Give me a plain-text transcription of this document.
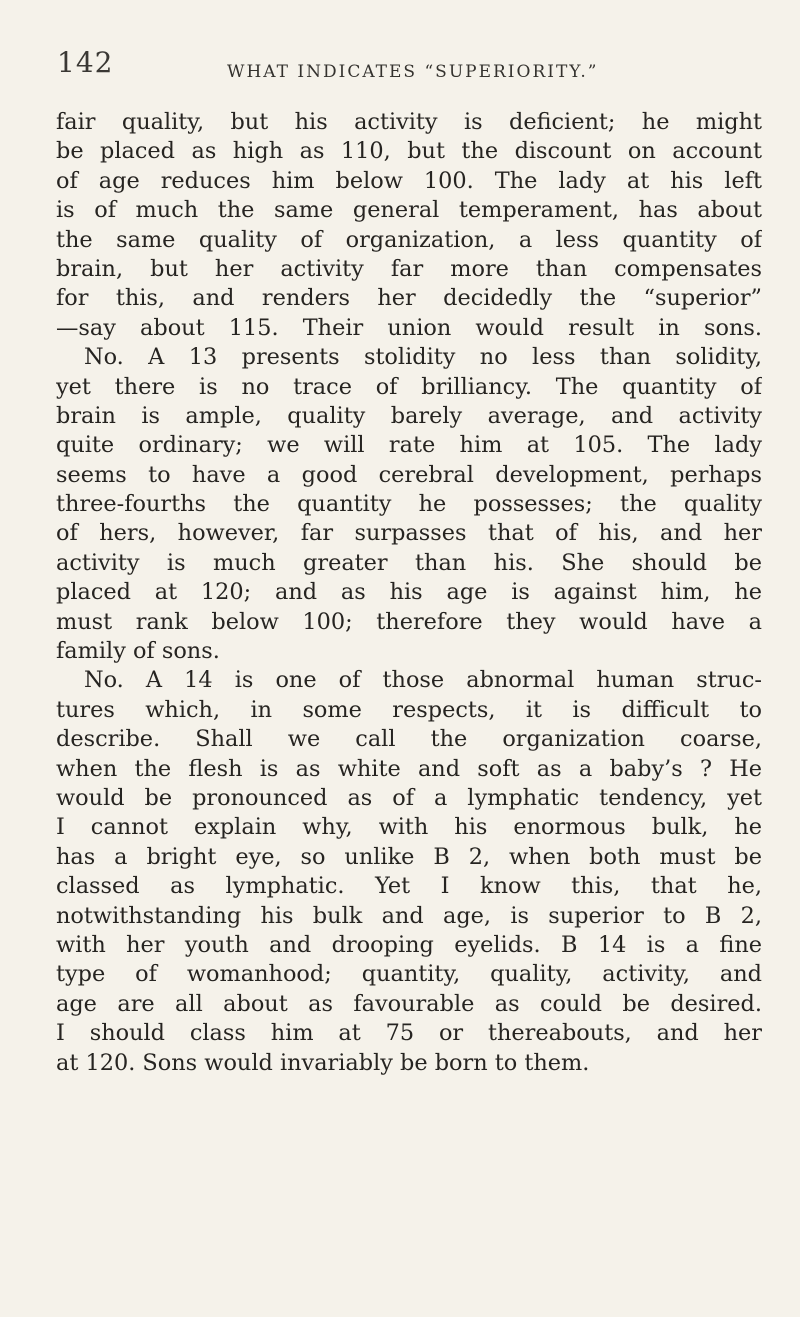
142	WHAT INDICATES “SUPERIORITY.”
fair quality, but his activity is deficient; he might
be placed as high as 110, but the discount on account
of age reduces him below 100. The lady at his left
is of much the same general temperament, has about
the same quality of organization, a less quantity of
brain, but her activity far more than compensates
for this, and renders her decidedly the “superior”
—say about 115. Their union would result in sons.
No. A 13 presents stolidity no less than solidity,
yet there is no trace of brilliancy. The quantity of
brain is ample, quality barely average, and activity
quite ordinary; we will rate him at 105. The lady
seems to have a good cerebral development, perhaps
three-fourths the quantity he possesses; the quality
of hers, however, far surpasses that of his, and her
activity is much greater than his. She should be
placed at 120; and as his age is against him, he
must rank below 100; therefore they would have a
family of sons.
No. A 14 is one of those abnormal human struc-
tures which, in some respects, it is difficult to
describe. Shall we call the organization coarse,
when the flesh is as white and soft as a baby’s ? He
would be pronounced as of a lymphatic tendency, yet
I cannot explain why, with his enormous bulk, he
has a bright eye, so unlike B 2, when both must be
classed as lymphatic. Yet I know this, that he,
notwithstanding his bulk and age, is superior to B 2,
with her youth and drooping eyelids. B 14 is a fine
type of womanhood; quantity, quality, activity, and
age are all about as favourable as could be desired.
I should class him at 75 or thereabouts, and her
at 120. Sons would invariably be born to them.
